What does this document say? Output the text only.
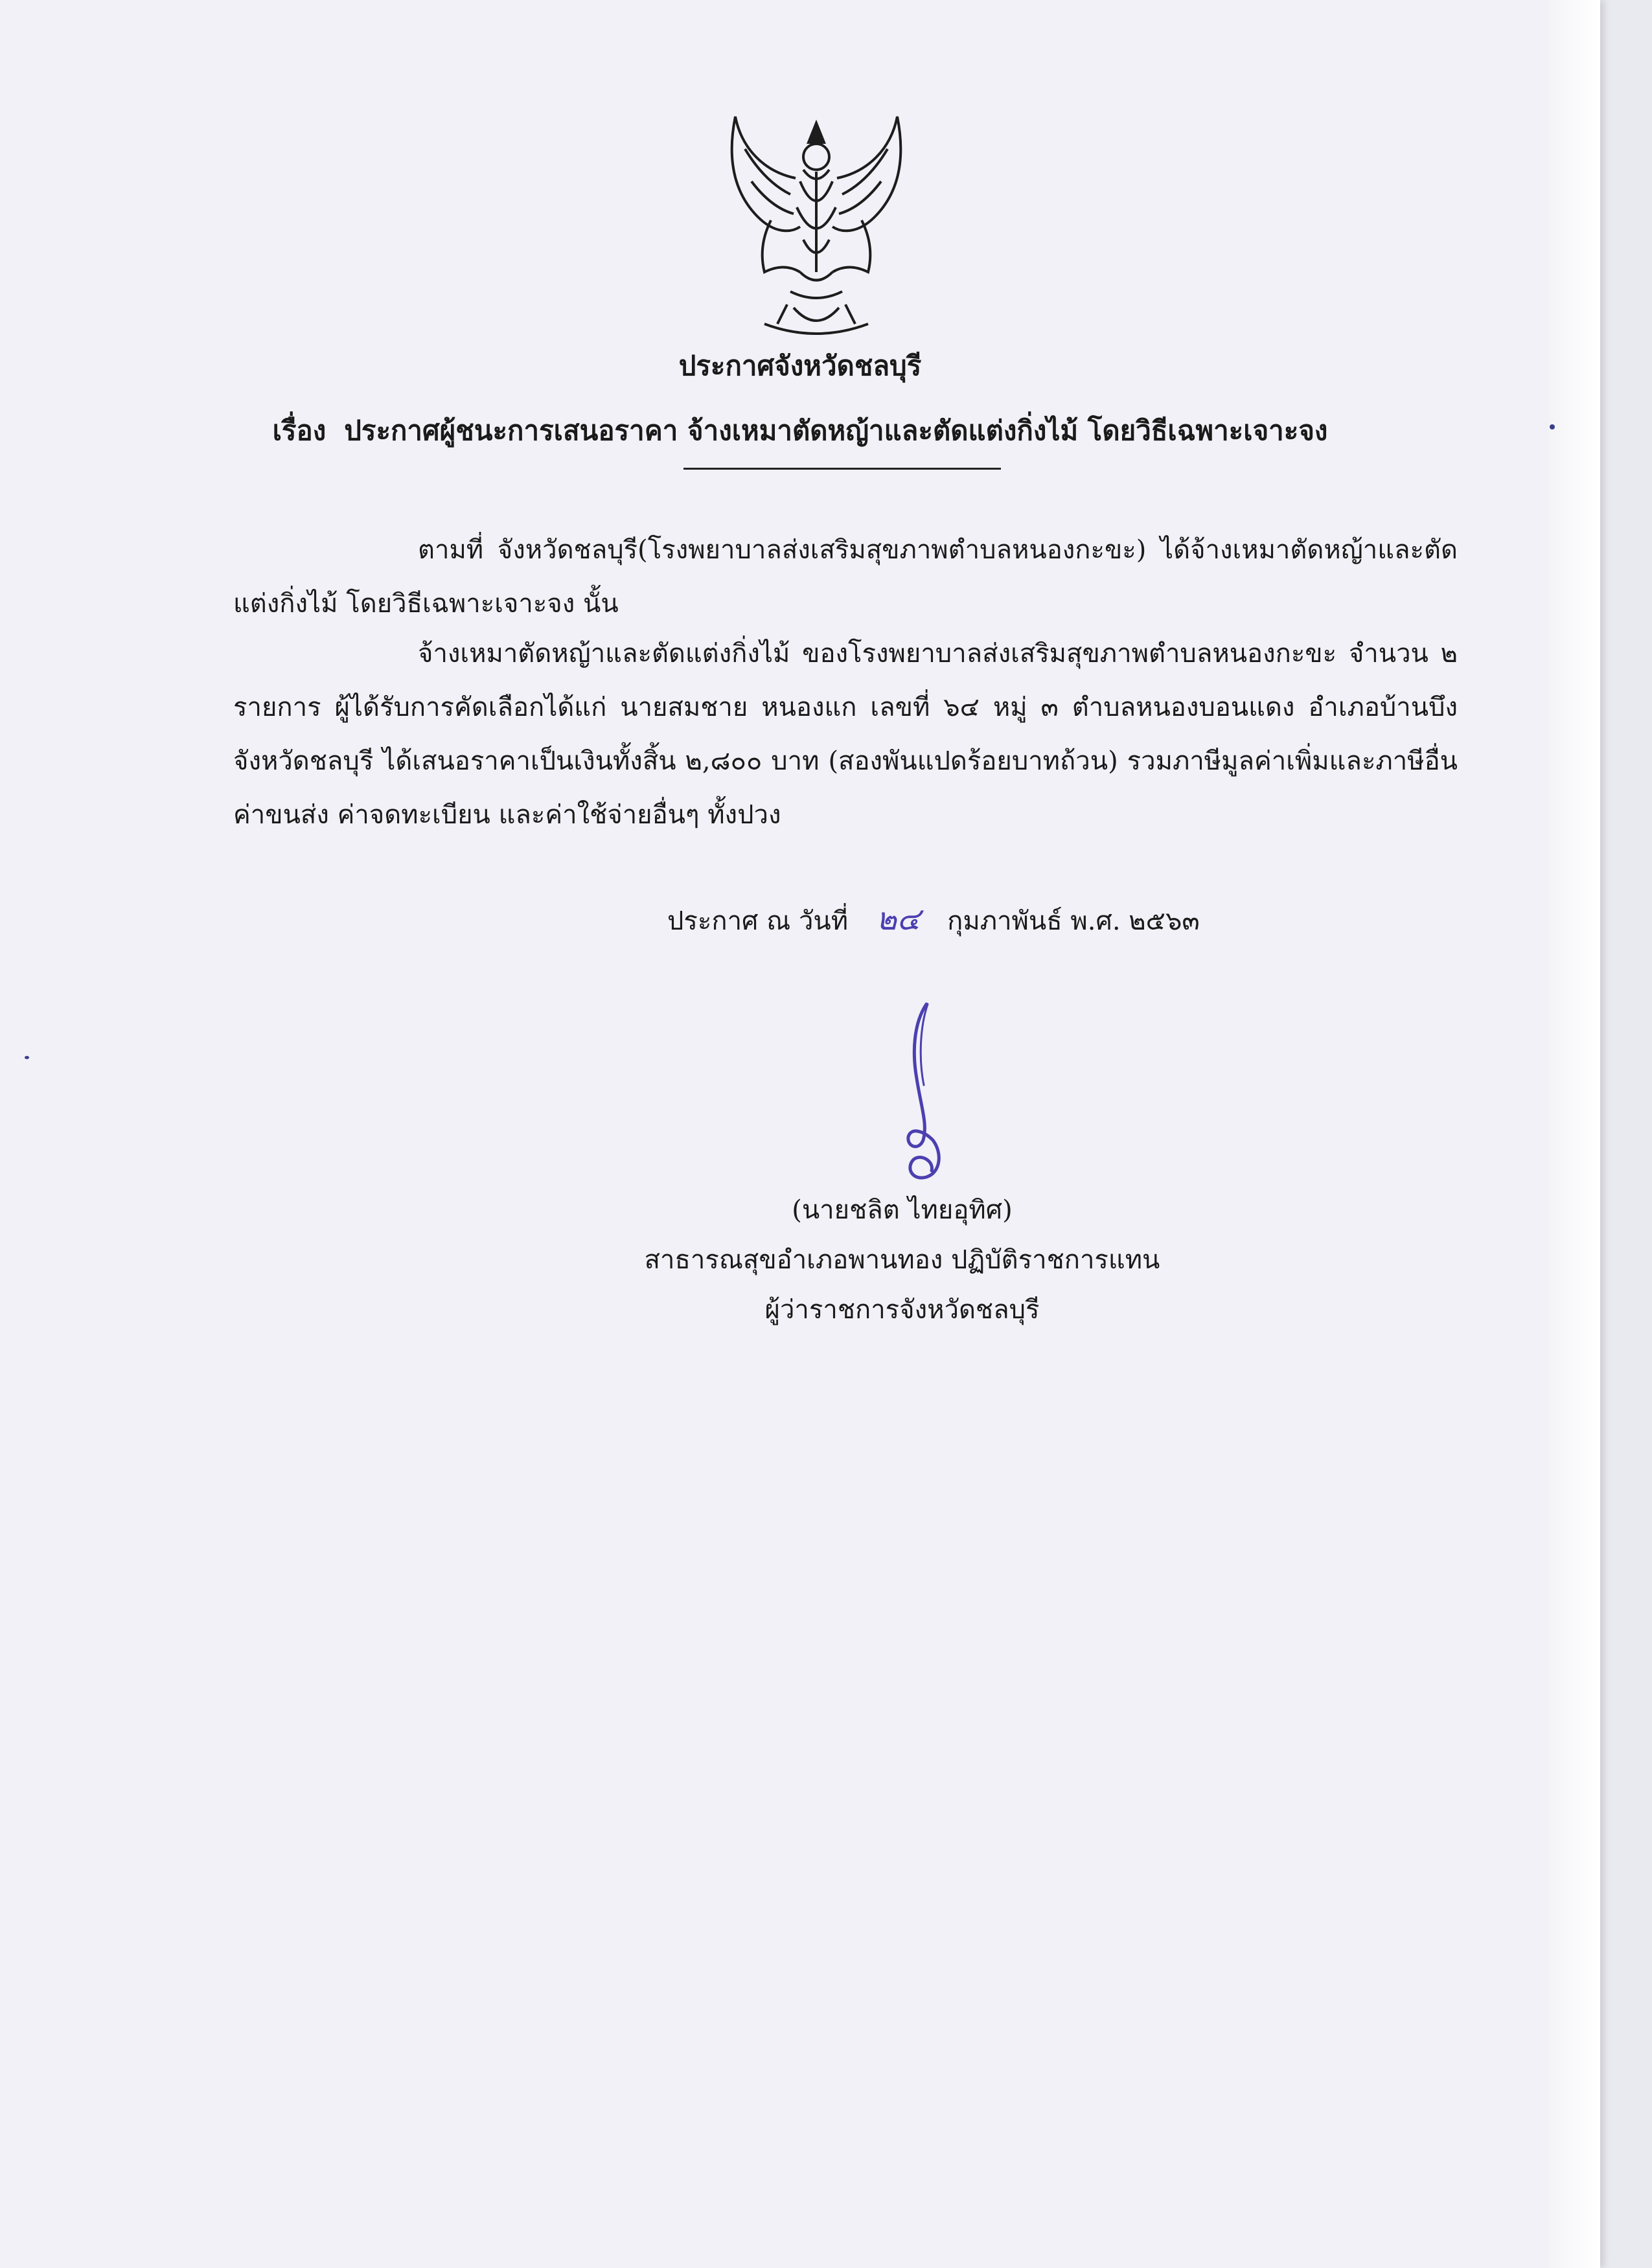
ประกาศจังหวัดชลบุรี
เรื่อง ประกาศผู้ชนะการเสนอราคา จ้างเหมาตัดหญ้าและตัดแต่งกิ่งไม้ โดยวิธีเฉพาะเจาะจง
ตามที่ จังหวัดชลบุรี(โรงพยาบาลส่งเสริมสุขภาพตำบลหนองกะขะ) ได้จ้างเหมาตัดหญ้าและตัดแต่งกิ่งไม้ โดยวิธีเฉพาะเจาะจง นั้น
จ้างเหมาตัดหญ้าและตัดแต่งกิ่งไม้ ของโรงพยาบาลส่งเสริมสุขภาพตำบลหนองกะขะ จำนวน ๒ รายการ ผู้ได้รับการคัดเลือกได้แก่ นายสมชาย หนองแก เลขที่ ๖๔ หมู่ ๓ ตำบลหนองบอนแดง อำเภอบ้านบึง จังหวัดชลบุรี ได้เสนอราคาเป็นเงินทั้งสิ้น ๒,๘๐๐ บาท (สองพันแปดร้อยบาทถ้วน) รวมภาษีมูลค่าเพิ่มและภาษีอื่น ค่าขนส่ง ค่าจดทะเบียน และค่าใช้จ่ายอื่นๆ ทั้งปวง
ประกาศ ณ วันที่ ๒๔ กุมภาพันธ์ พ.ศ. ๒๕๖๓
(นายชลิต ไทยอุทิศ)
สาธารณสุขอำเภอพานทอง ปฏิบัติราชการแทน
ผู้ว่าราชการจังหวัดชลบุรี
